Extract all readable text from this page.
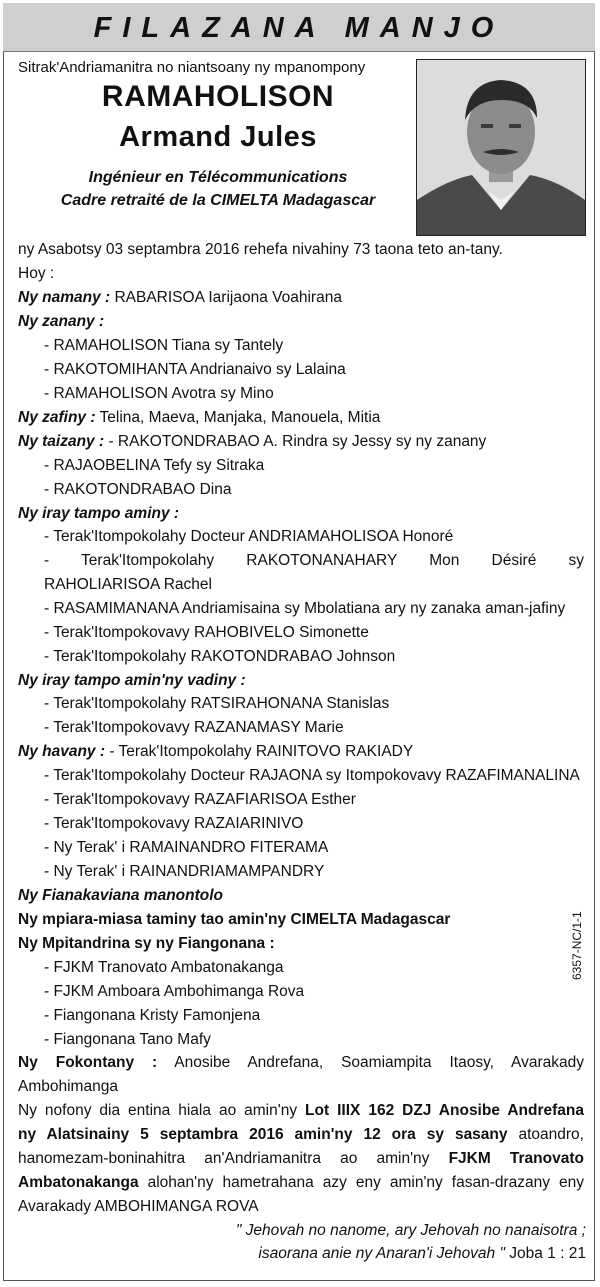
FILAZANA MANJO
Sitrak'Andriamanitra no niantsoany ny mpanompony
RAMAHOLISON
Armand Jules
Ingénieur en Télécommunications
Cadre retraité de la CIMELTA Madagascar
ny Asabotsy 03 septambra 2016 rehefa nivahiny 73 taona teto an-tany.
Hoy :
Ny namany : RABARISOA Iarijaona Voahirana
Ny zanany :
- RAMAHOLISON Tiana sy Tantely
- RAKOTOMIHANTA Andrianaivo sy Lalaina
- RAMAHOLISON Avotra sy Mino
Ny zafiny : Telina, Maeva, Manjaka, Manouela, Mitia
Ny taizany : - RAKOTONDRABAO A. Rindra sy Jessy sy ny zanany
- RAJAOBELINA Tefy sy Sitraka
- RAKOTONDRABAO Dina
Ny iray tampo aminy :
- Terak'Itompokolahy Docteur ANDRIAMAHOLISOA Honoré
- Terak'Itompokolahy RAKOTONANAHARY Mon Désiré sy
RAHOLIARISOA Rachel
- RASAMIMANANA Andriamisaina sy Mbolatiana ary ny zanaka aman-jafiny
- Terak'Itompokovavy RAHOBIVELO Simonette
- Terak'Itompokolahy RAKOTONDRABAO Johnson
Ny iray tampo amin'ny vadiny :
- Terak'Itompokolahy RATSIRAHONANA Stanislas
- Terak'Itompokovavy RAZANAMASY Marie
Ny havany : - Terak'Itompokolahy RAINITOVO RAKIADY
- Terak'Itompokolahy Docteur RAJAONA sy Itompokovavy RAZAFIMANALINA
- Terak'Itompokovavy RAZAFIARISOA Esther
- Terak'Itompokovavy RAZAIARINIVO
- Ny Terak' i RAMAINANDRO FITERAMA
- Ny Terak' i RAINANDRIAMAMPANDRY
Ny Fianakaviana manontolo
Ny mpiara-miasa taminy tao amin'ny CIMELTA Madagascar
Ny Mpitandrina sy ny Fiangonana :
- FJKM Tranovato Ambatonakanga
- FJKM Amboara Ambohimanga Rova
- Fiangonana Kristy Famonjena
- Fiangonana Tano Mafy
Ny Fokontany : Anosibe Andrefana, Soamiampita Itaosy, Avarakady
Ambohimanga
Ny nofony dia entina hiala ao amin'ny Lot IIIX 162 DZJ Anosibe Andrefana
ny Alatsinainy 5 septambra 2016 amin'ny 12 ora sy sasany atoandro,
hanomezam-boninahitra an'Andriamanitra ao amin'ny FJKM Tranovato
Ambatonakanga alohan'ny hametrahana azy eny amin'ny fasan-drazany eny
Avarakady AMBOHIMANGA ROVA
" Jehovah no nanome, ary Jehovah no nanaisotra ;
isaorana anie ny Anaran'i Jehovah " Joba 1 : 21
6357-NC/1-1
